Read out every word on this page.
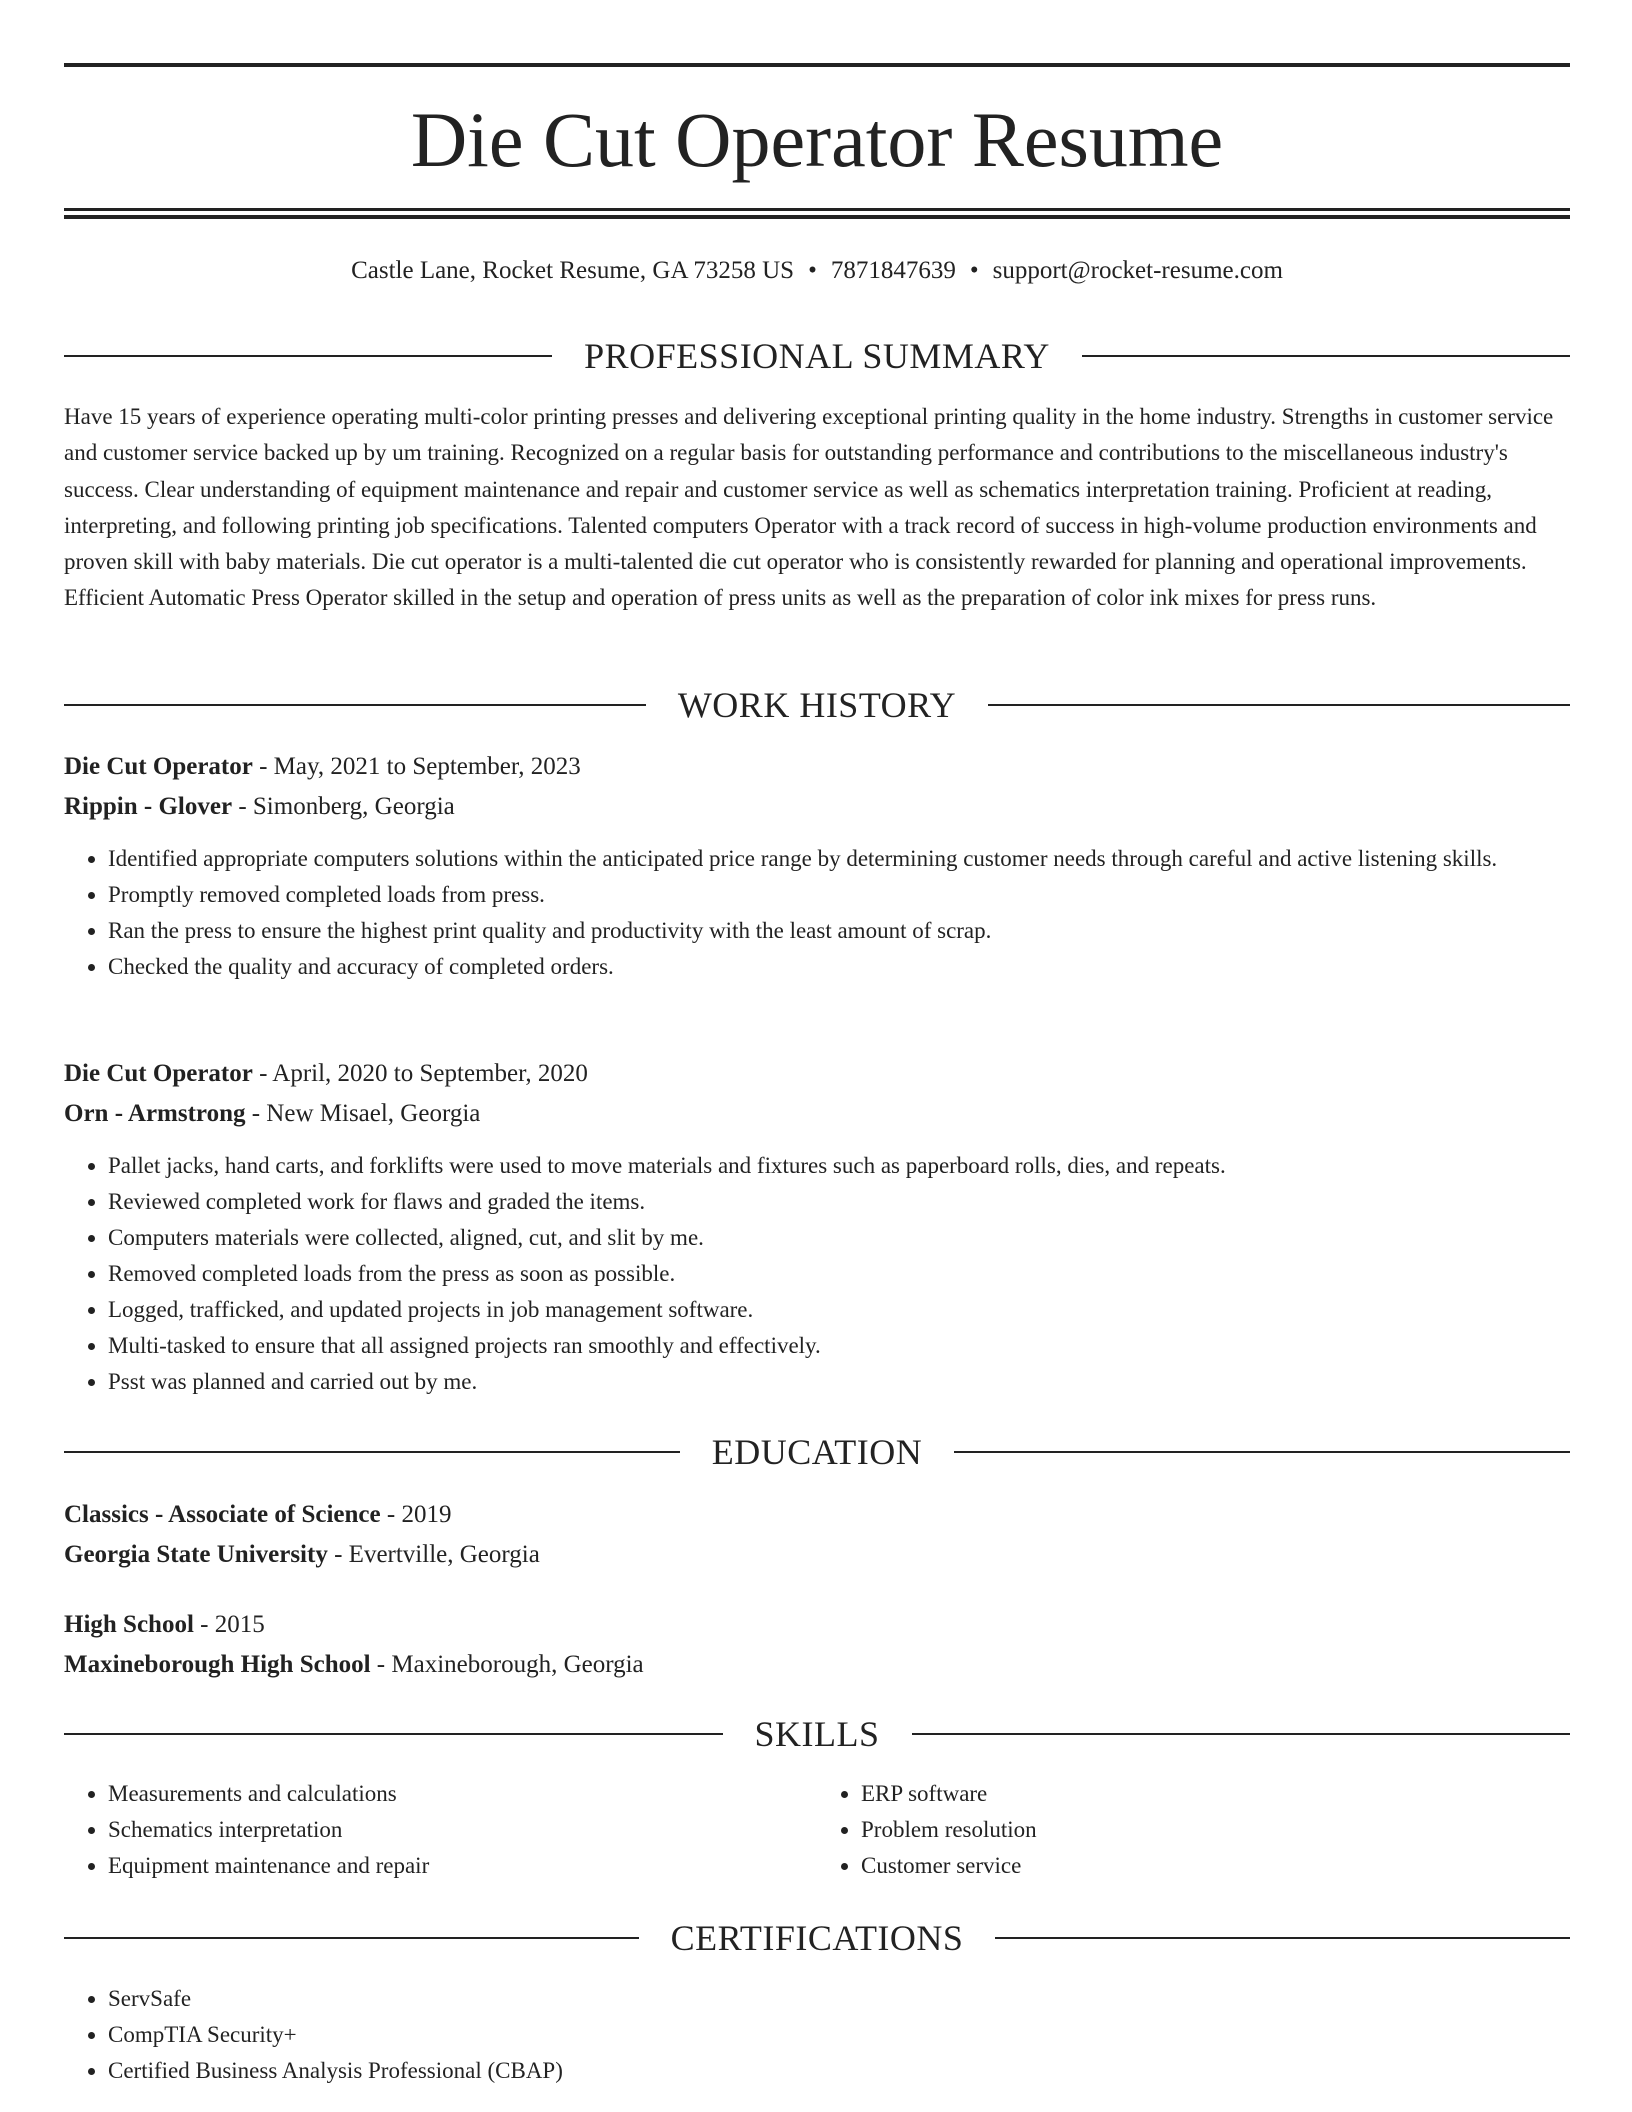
Die Cut Operator Resume
Castle Lane, Rocket Resume, GA 73258 US • 7871847639 • support@rocket-resume.com
PROFESSIONAL SUMMARY

Have 15 years of experience operating multi-color printing presses and delivering exceptional printing quality in the home industry. Strengths in customer service and customer service backed up by um training. Recognized on a regular basis for outstanding performance and contributions to the miscellaneous industry's success. Clear understanding of equipment maintenance and repair and customer service as well as schematics interpretation training. Proficient at reading, interpreting, and following printing job specifications. Talented computers Operator with a track record of success in high-volume production environments and proven skill with baby materials. Die cut operator is a multi-talented die cut operator who is consistently rewarded for planning and operational improvements. Efficient Automatic Press Operator skilled in the setup and operation of press units as well as the preparation of color ink mixes for press runs.

WORK HISTORY
Die Cut Operator - May, 2021 to September, 2023
Rippin - Glover - Simonberg, Georgia
• Identified appropriate computers solutions within the anticipated price range by determining customer needs through careful and active listening skills.
• Promptly removed completed loads from press.
• Ran the press to ensure the highest print quality and productivity with the least amount of scrap.
• Checked the quality and accuracy of completed orders.
Die Cut Operator - April, 2020 to September, 2020
Orn - Armstrong - New Misael, Georgia
• Pallet jacks, hand carts, and forklifts were used to move materials and fixtures such as paperboard rolls, dies, and repeats.
• Reviewed completed work for flaws and graded the items.
• Computers materials were collected, aligned, cut, and slit by me.
• Removed completed loads from the press as soon as possible.
• Logged, trafficked, and updated projects in job management software.
• Multi-tasked to ensure that all assigned projects ran smoothly and effectively.
• Psst was planned and carried out by me.
EDUCATION
Classics - Associate of Science - 2019
Georgia State University - Evertville, Georgia
High School - 2015
Maxineborough High School - Maxineborough, Georgia
SKILLS
• Measurements and calculations
• Schematics interpretation
• Equipment maintenance and repair
• ERP software
• Problem resolution
• Customer service
CERTIFICATIONS
• ServSafe
• CompTIA Security+
• Certified Business Analysis Professional (CBAP)
